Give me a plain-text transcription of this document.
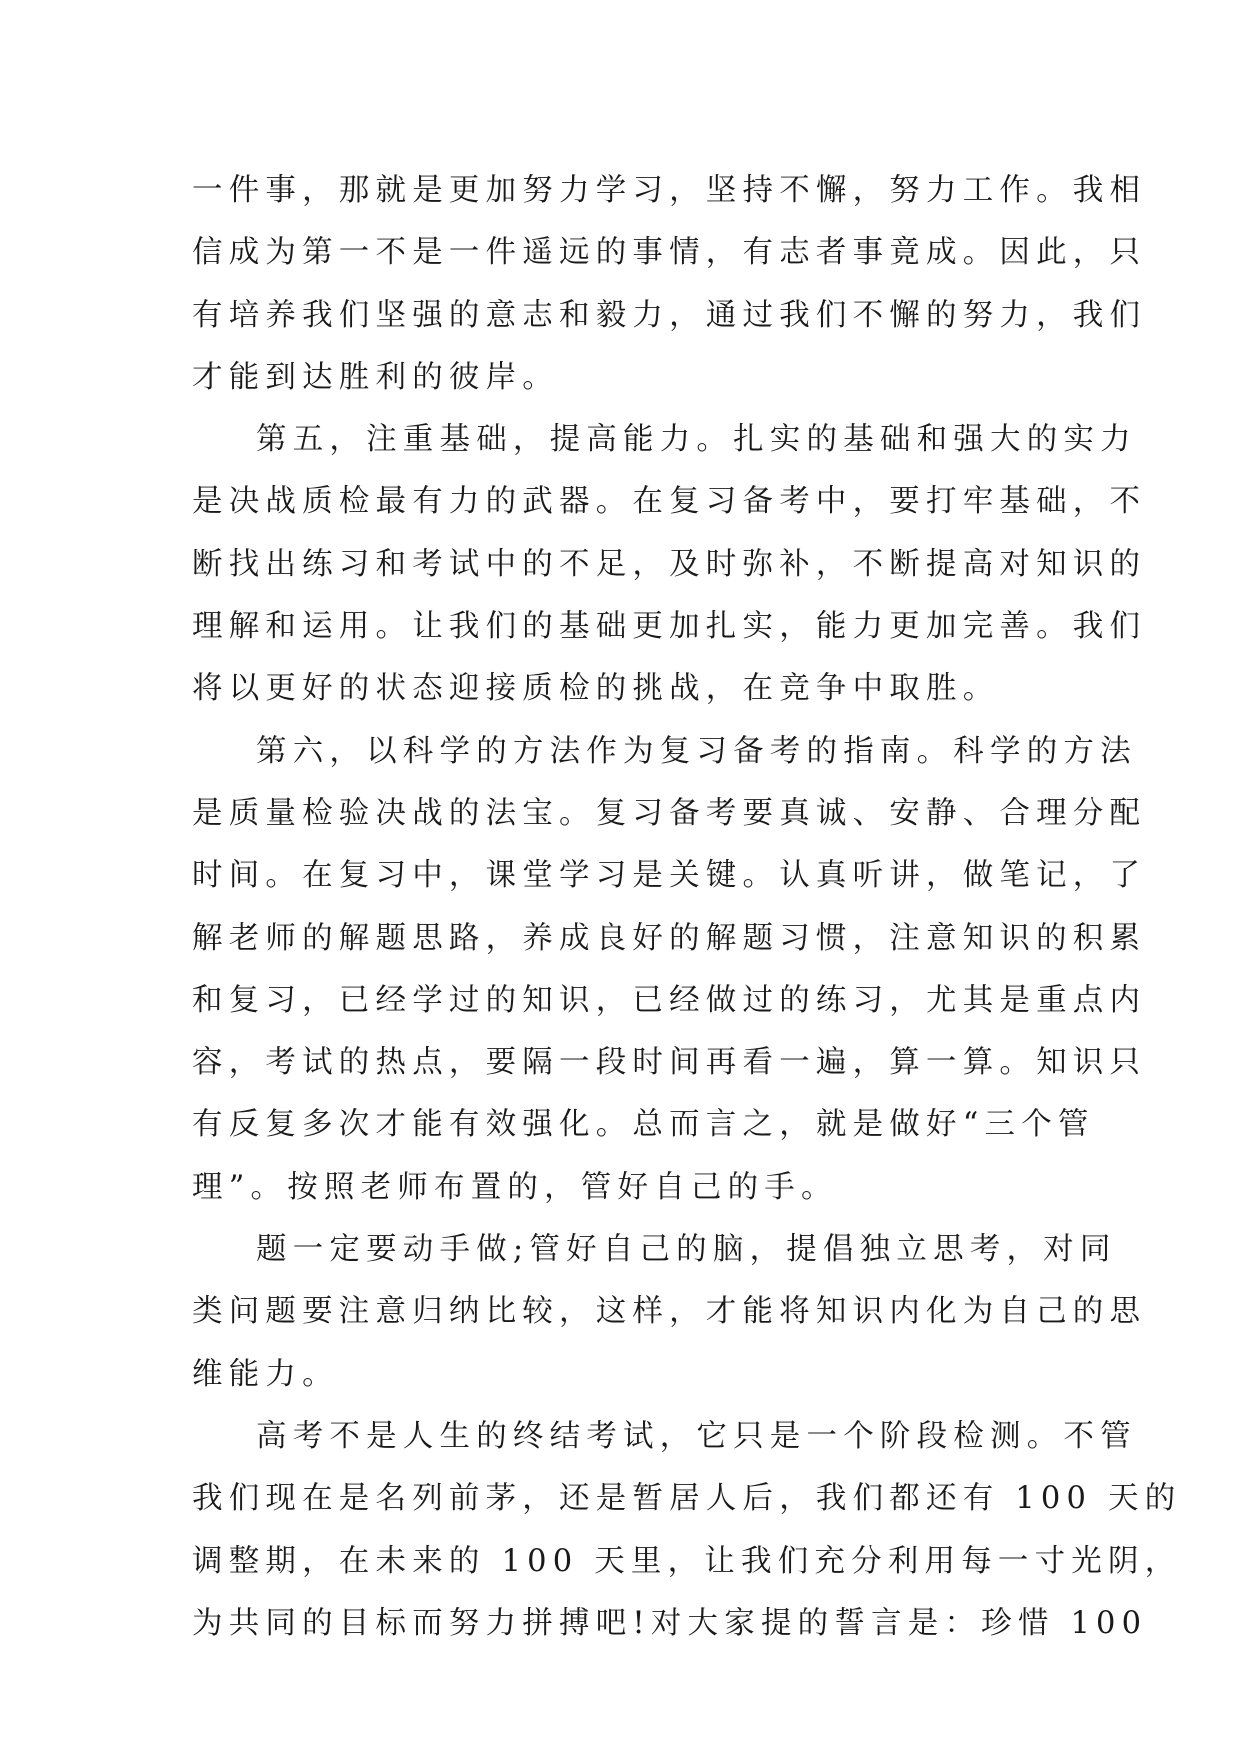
一件事，那就是更加努力学习，坚持不懈，努力工作。我相
信成为第一不是一件遥远的事情，有志者事竟成。因此，只
有培养我们坚强的意志和毅力，通过我们不懈的努力，我们
才能到达胜利的彼岸。

第五，注重基础，提高能力。扎实的基础和强大的实力
是决战质检最有力的武器。在复习备考中，要打牢基础，不
断找出练习和考试中的不足，及时弥补，不断提高对知识的
理解和运用。让我们的基础更加扎实，能力更加完善。我们
将以更好的状态迎接质检的挑战，在竞争中取胜。

第六，以科学的方法作为复习备考的指南。科学的方法
是质量检验决战的法宝。复习备考要真诚、安静、合理分配
时间。在复习中，课堂学习是关键。认真听讲，做笔记，了
解老师的解题思路，养成良好的解题习惯，注意知识的积累
和复习，已经学过的知识，已经做过的练习，尤其是重点内
容，考试的热点，要隔一段时间再看一遍，算一算。知识只
有反复多次才能有效强化。总而言之，就是做好“三个管
理”。按照老师布置的，管好自己的手。

题一定要动手做;管好自己的脑，提倡独立思考，对同
类问题要注意归纳比较，这样，才能将知识内化为自己的思
维能力。

高考不是人生的终结考试，它只是一个阶段检测。不管
我们现在是名列前茅，还是暂居人后，我们都还有 100 天的
调整期，在未来的 100 天里，让我们充分利用每一寸光阴，
为共同的目标而努力拼搏吧!对大家提的誓言是：珍惜 100
